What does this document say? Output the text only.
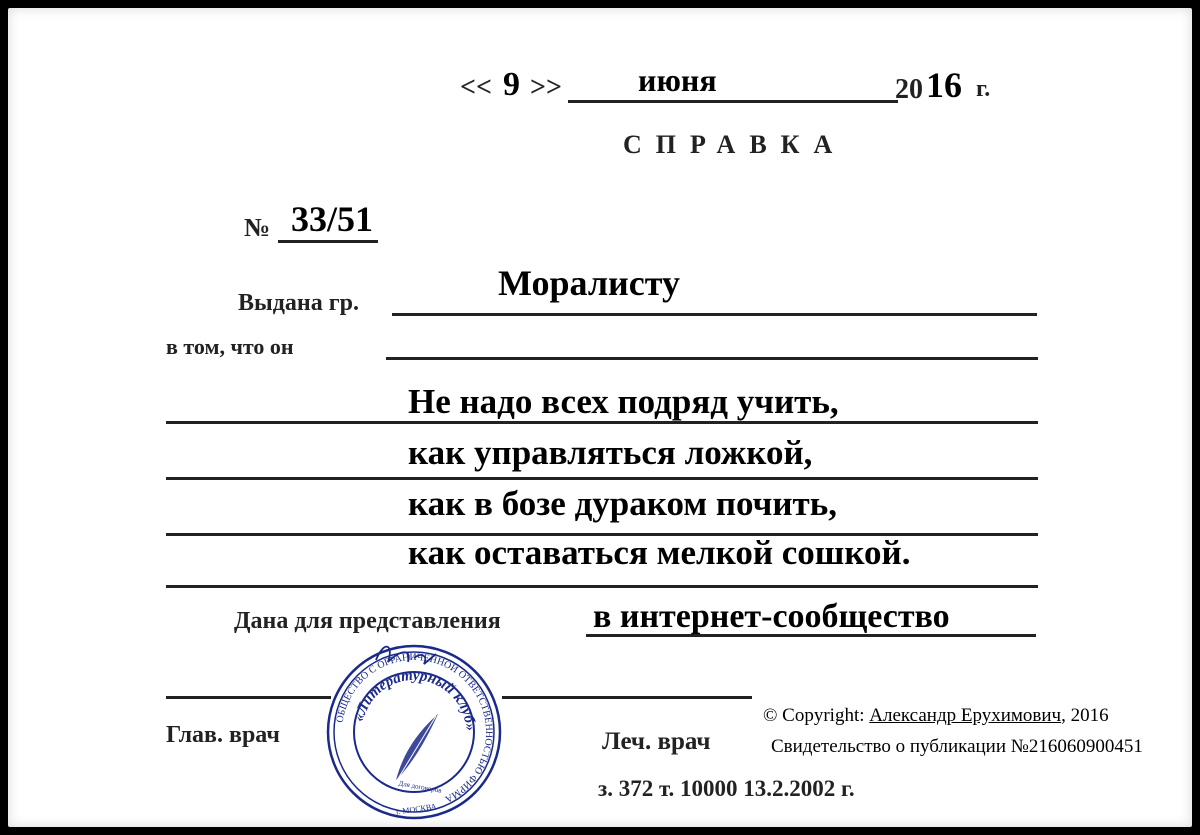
<< 9 >> июня	20 16 г.
СПРАВКА
№ 33/51
Выдана гр.	Моралисту
в том, что он
Не надо всех подряд учить,
как управляться ложкой,
как в бозе дураком почить,
как оставаться мелкой сошкой.
Дана для представления	в интернет-сообщество
Глав. врач	Леч. врач
з. 372 т. 10000 13.2.2002 г.
© Copyright: Александр Ерухимович, 2016
Свидетельство о публикации №216060900451
ОБЩЕСТВО С ОГРАНИЧЕННОЙ ОТВЕТСТВЕННОСТЬЮ ФИРМА
«Литературный клуб»
Для договоров
г. МОСКВА
